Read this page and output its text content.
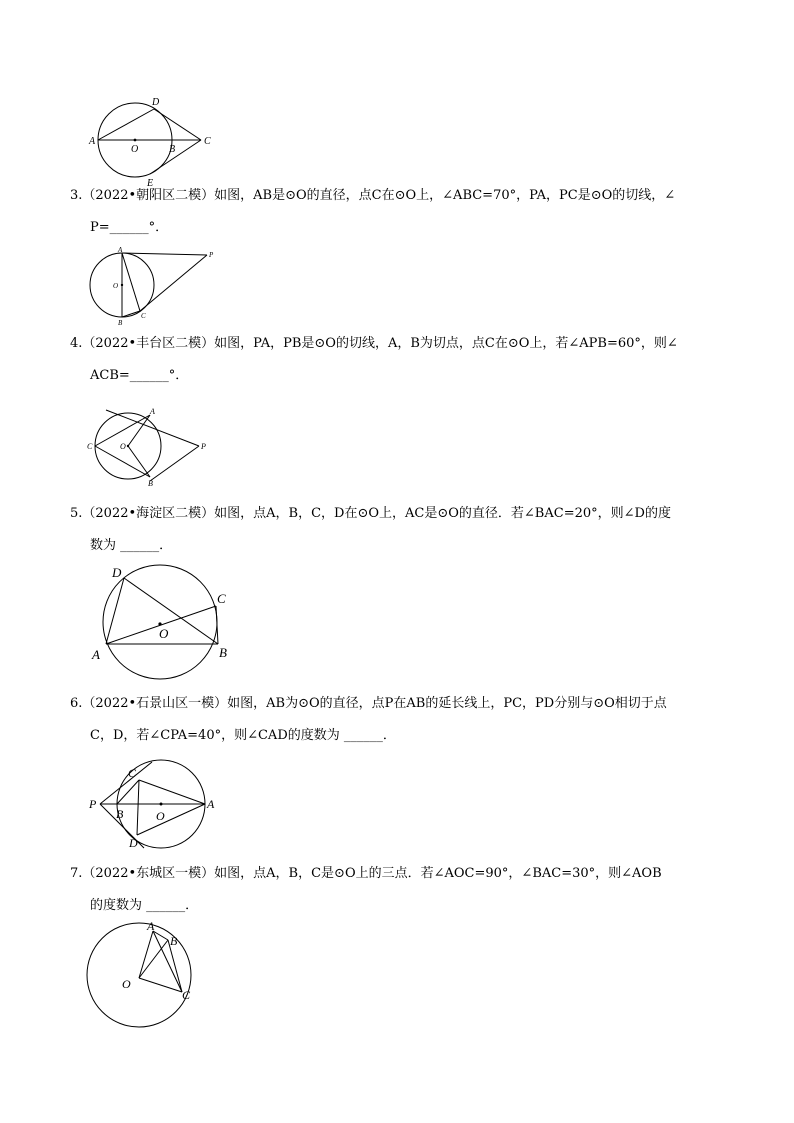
A
O	B
C
D
E
3.（2022•朝阳区二模）如图，AB是⊙O的直径，点C在⊙O上，∠ABC=70°，PA，PC是⊙O的切线，∠
P=______°．
A
O
B
C
P
4.（2022•丰台区二模）如图，PA，PB是⊙O的切线，A，B为切点，点C在⊙O上，若∠APB=60°，则∠
ACB=______°．
A
C	O
B
P
5.（2022•海淀区二模）如图，点A，B，C，D在⊙O上，AC是⊙O的直径．若∠BAC=20°，则∠D的度
数为 ______．
D
C
O
A	B
6.（2022•石景山区一模）如图，AB为⊙O的直径，点P在AB的延长线上，PC，PD分别与⊙O相切于点
C，D，若∠CPA=40°，则∠CAD的度数为 ______．
C
P
B	O
A
D
7.（2022•东城区一模）如图，点A，B，C是⊙O上的三点．若∠AOC=90°，∠BAC=30°，则∠AOB
的度数为 ______．
A
B
O
C
